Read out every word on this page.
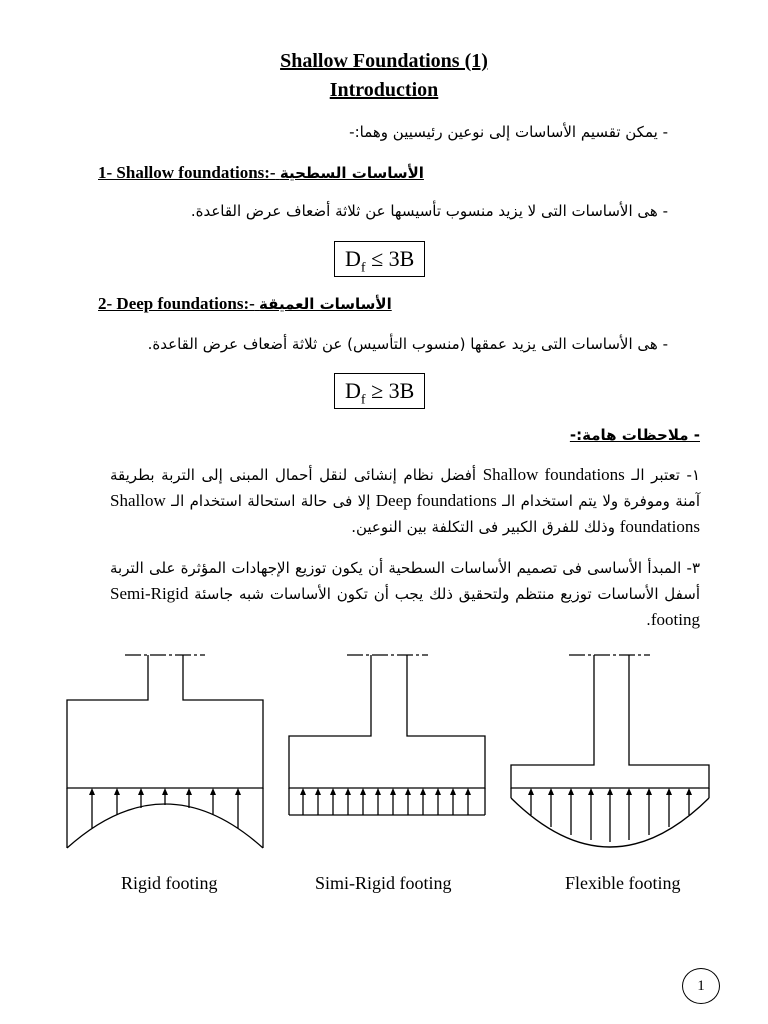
Shallow Foundations (1)
Introduction
- يمكن تقسيم الأساسات إلى نوعين رئيسيين وهما:-
1- Shallow foundations:- الأساسات السطحية
- هى الأساسات التى لا يزيد منسوب تأسيسها عن ثلاثة أضعاف عرض القاعدة.
$D_f \le 3B$
2- Deep foundations:- الأساسات العميقة
- هى الأساسات التى يزيد عمقها (منسوب التأسيس) عن ثلاثة أضعاف عرض القاعدة.
$D_f \ge 3B$
- ملاحظات هامة:-
١- تعتبر الـ Shallow foundations أفضل نظام إنشائى لنقل أحمال المبنى إلى التربة بطريقة آمنة وموفرة ولا يتم استخدام الـ Deep foundations إلا فى حالة استحالة استخدام الـ Shallow foundations وذلك للفرق الكبير فى التكلفة بين النوعين.
٣- المبدأ الأساسى فى تصميم الأساسات السطحية أن يكون توزيع الإجهادات المؤثرة على التربة أسفل الأساسات توزيع منتظم ولتحقيق ذلك يجب أن تكون الأساسات شبه جاسئة Semi-Rigid footing.
Rigid footing	Simi-Rigid footing	Flexible footing
1
